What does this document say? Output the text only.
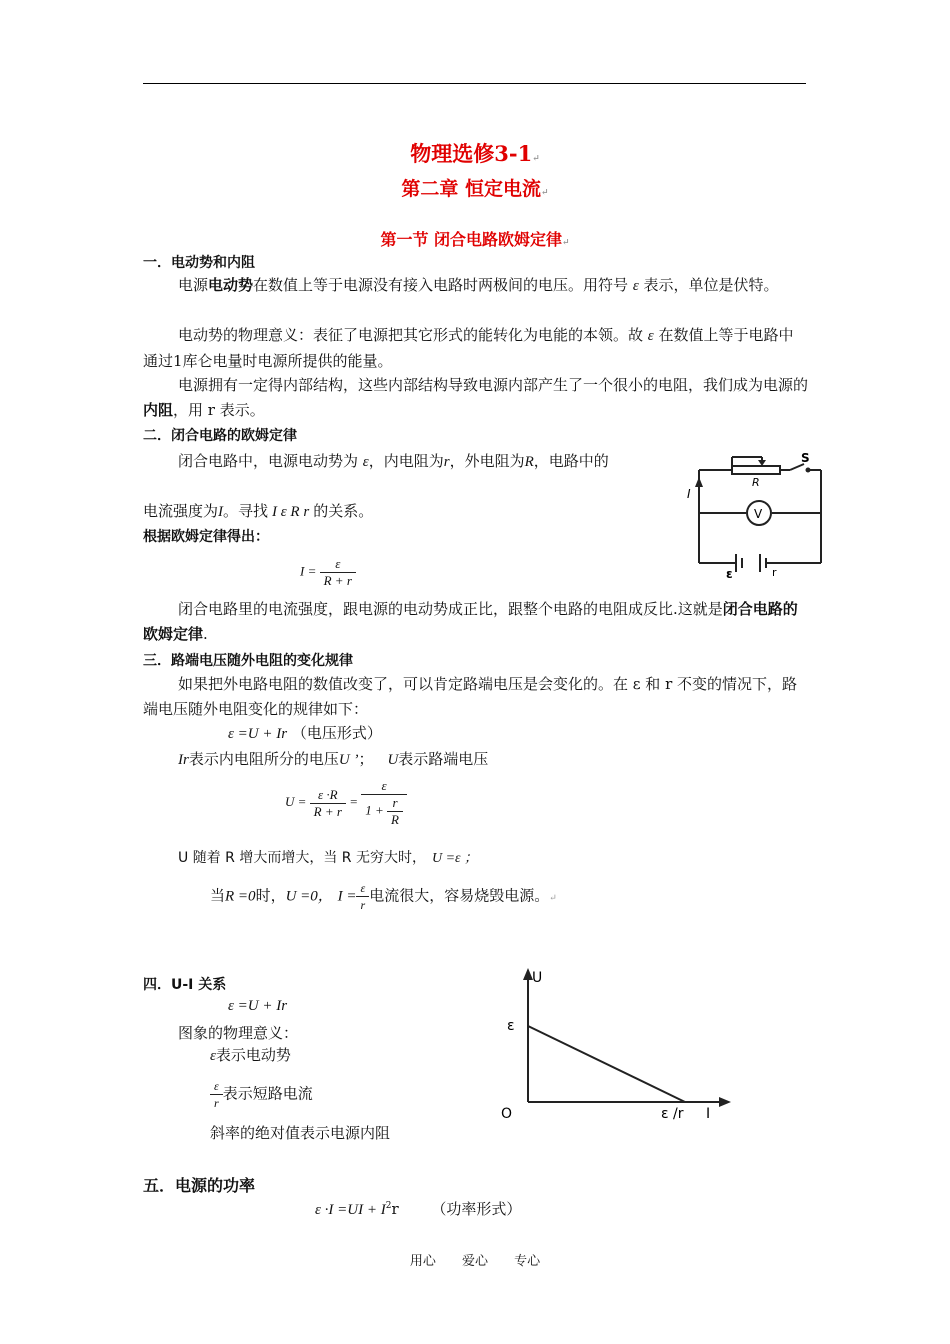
物理选修3-1↵
第二章 恒定电流↵
第一节 闭合电路欧姆定律↵
一．电动势和内阻
电源电动势在数值上等于电源没有接入电路时两极间的电压。用符号 ε 表示，单位是伏特。
电动势的物理意义：表征了电源把其它形式的能转化为电能的本领。故 ε 在数值上等于电路中通过1库仑电量时电源所提供的能量。
电源拥有一定得内部结构，这些内部结构导致电源内部产生了一个很小的电阻，我们成为电源的内阻，用 r 表示。
二．闭合电路的欧姆定律
闭合电路中，电源电动势为 ε，内电阻为r，外电阻为R，电路中的
电流强度为I。寻找 I ε R r 的关系。
根据欧姆定律得出：
$I = \frac{\varepsilon}{R + r}$
R
S
I
V
ε	r
闭合电路里的电流强度，跟电源的电动势成正比，跟整个电路的电阻成反比.这就是闭合电路的欧姆定律.
三．路端电压随外电阻的变化规律
如果把外电路电阻的数值改变了，可以肯定路端电压是会变化的。在 ε 和 r 不变的情况下，路端电压随外电阻变化的规律如下：
ε =U + Ir （电压形式）
Ir表示内电阻所分的电压U ’； U表示路端电压
$U = \frac{\varepsilon \cdot R}{R + r} = \frac{\varepsilon}{1 + \frac{r}{R}}$
U 随着 R 增大而增大，当 R 无穷大时， U =ε ；
当R =0时，U =0， $I = \frac{\varepsilon}{r}$ 电流很大，容易烧毁电源。↵
四．U-I 关系
ε =U + Ir
图象的物理意义：
ε表示电动势
$\frac{\varepsilon}{r}$ 表示短路电流
斜率的绝对值表示电源内阻
U
ε
O	ε /r I
五．电源的功率
$\varepsilon \cdot I =UI + I^2r$ （功率形式）
用心 爱心 专心
